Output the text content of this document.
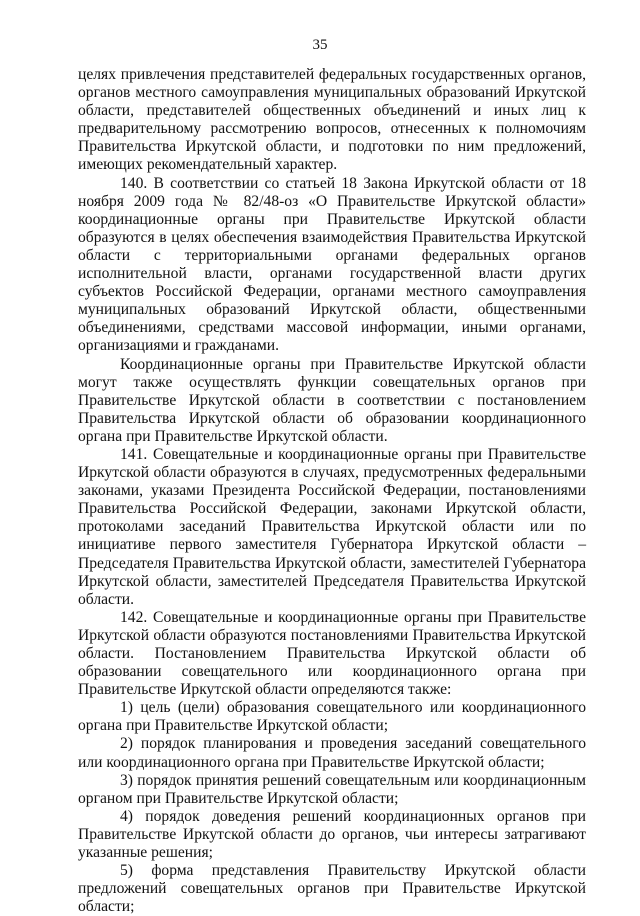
35

целях привлечения представителей федеральных государственных органов, органов местного самоуправления муниципальных образований Иркутской области, представителей общественных объединений и иных лиц к предварительному рассмотрению вопросов, отнесенных к полномочиям Правительства Иркутской области, и подготовки по ним предложений, имеющих рекомендательный характер.

140. В соответствии со статьей 18 Закона Иркутской области от 18 ноября 2009 года № 82/48-оз «О Правительстве Иркутской области» координационные органы при Правительстве Иркутской области образуются в целях обеспечения взаимодействия Правительства Иркутской области с территориальными органами федеральных органов исполнительной власти, органами государственной власти других субъектов Российской Федерации, органами местного самоуправления муниципальных образований Иркутской области, общественными объединениями, средствами массовой информации, иными органами, организациями и гражданами.

Координационные органы при Правительстве Иркутской области могут также осуществлять функции совещательных органов при Правительстве Иркутской области в соответствии с постановлением Правительства Иркутской области об образовании координационного органа при Правительстве Иркутской области.

141. Совещательные и координационные органы при Правительстве Иркутской области образуются в случаях, предусмотренных федеральными законами, указами Президента Российской Федерации, постановлениями Правительства Российской Федерации, законами Иркутской области, протоколами заседаний Правительства Иркутской области или по инициативе первого заместителя Губернатора Иркутской области – Председателя Правительства Иркутской области, заместителей Губернатора Иркутской области, заместителей Председателя Правительства Иркутской области.

142. Совещательные и координационные органы при Правительстве Иркутской области образуются постановлениями Правительства Иркутской области. Постановлением Правительства Иркутской области об образовании совещательного или координационного органа при Правительстве Иркутской области определяются также:

1) цель (цели) образования совещательного или координационного органа при Правительстве Иркутской области;

2) порядок планирования и проведения заседаний совещательного или координационного органа при Правительстве Иркутской области;

3) порядок принятия решений совещательным или координационным органом при Правительстве Иркутской области;

4) порядок доведения решений координационных органов при Правительстве Иркутской области до органов, чьи интересы затрагивают указанные решения;

5) форма представления Правительству Иркутской области предложений совещательных органов при Правительстве Иркутской области;
